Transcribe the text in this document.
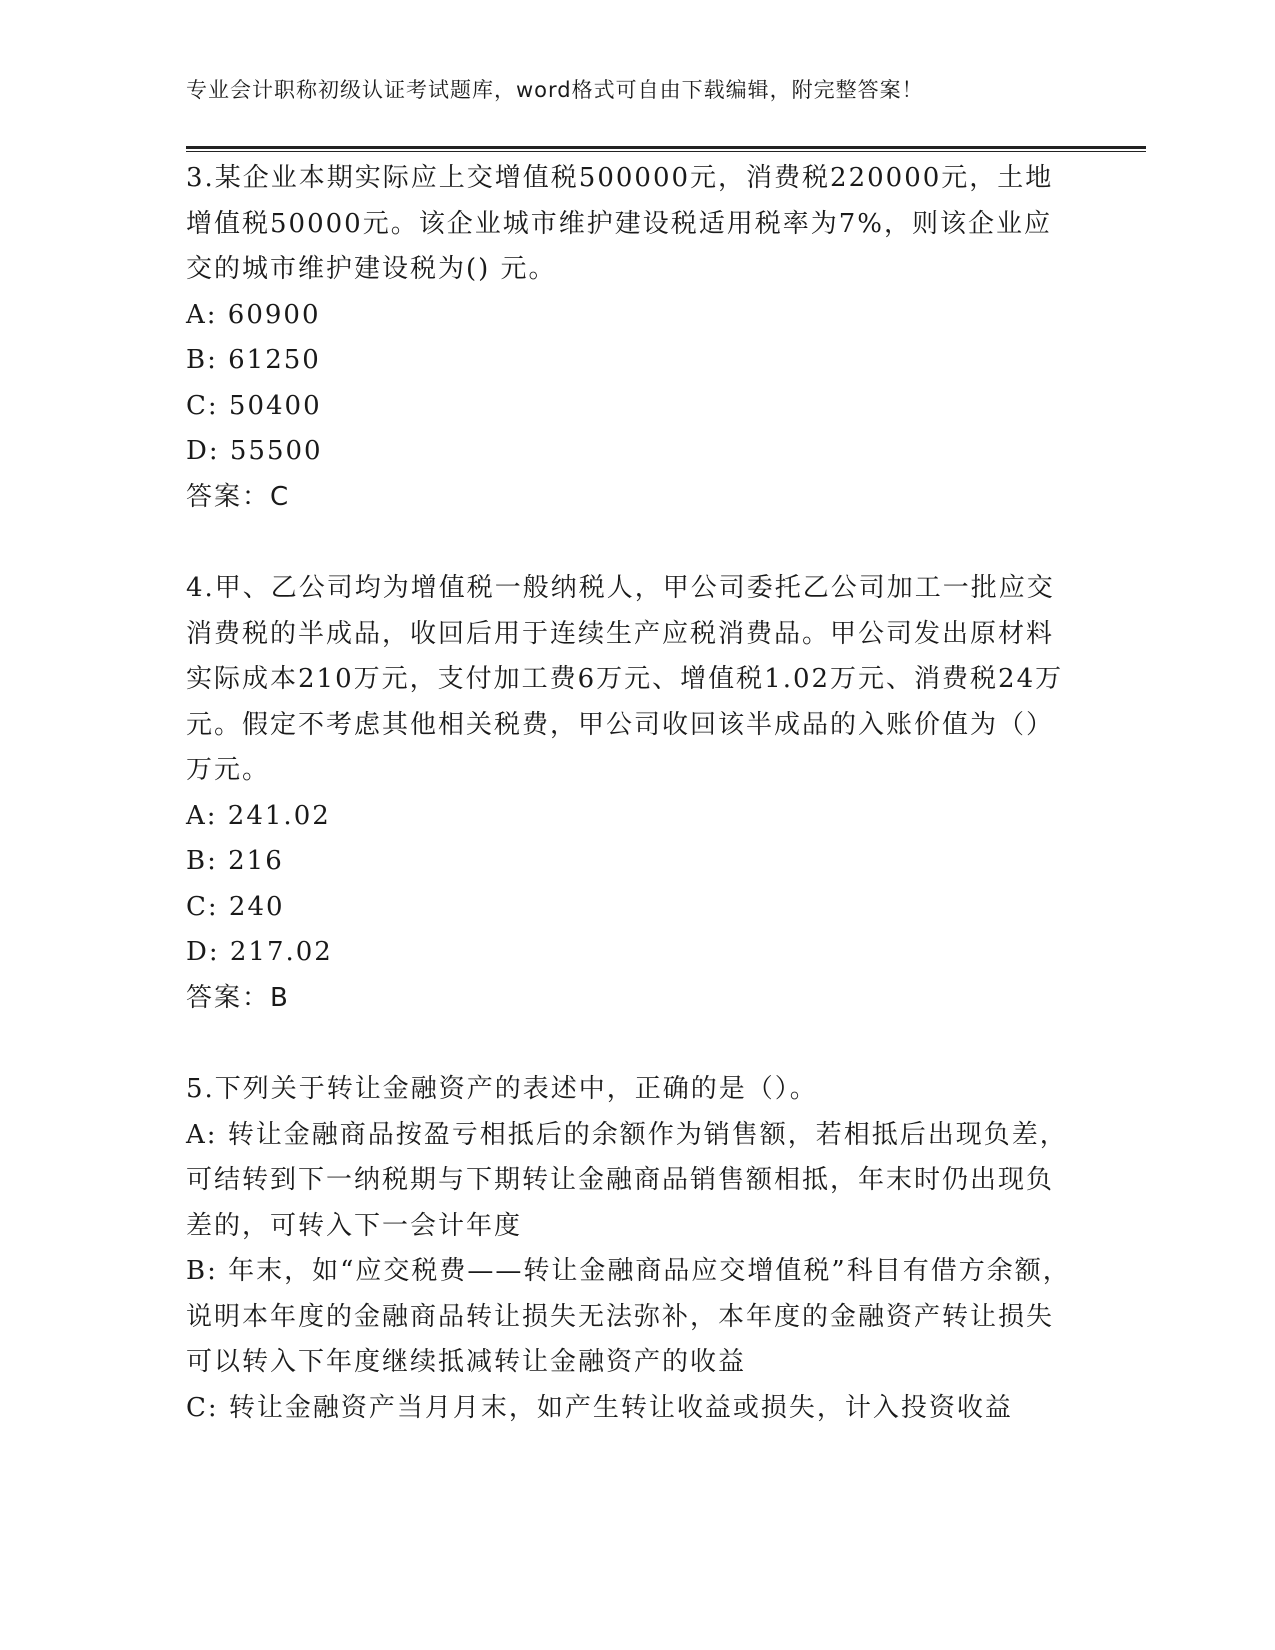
专业会计职称初级认证考试题库，word格式可自由下载编辑，附完整答案！

3.某企业本期实际应上交增值税500000元，消费税220000元，土地增值税50000元。该企业城市维护建设税适用税率为7%，则该企业应交的城市维护建设税为() 元。

A: 60900

B: 61250

C: 50400

D: 55500

答案：C

4.甲、乙公司均为增值税一般纳税人，甲公司委托乙公司加工一批应交消费税的半成品，收回后用于连续生产应税消费品。甲公司发出原材料实际成本210万元，支付加工费6万元、增值税1.02万元、消费税24万元。假定不考虑其他相关税费，甲公司收回该半成品的入账价值为（）万元。

A: 241.02

B: 216

C: 240

D: 217.02

答案：B

5.下列关于转让金融资产的表述中，正确的是（）。

A: 转让金融商品按盈亏相抵后的余额作为销售额，若相抵后出现负差，可结转到下一纳税期与下期转让金融商品销售额相抵，年末时仍出现负差的，可转入下一会计年度

B: 年末，如“应交税费——转让金融商品应交增值税”科目有借方余额，说明本年度的金融商品转让损失无法弥补，本年度的金融资产转让损失可以转入下年度继续抵减转让金融资产的收益

C: 转让金融资产当月月末，如产生转让收益或损失，计入投资收益
